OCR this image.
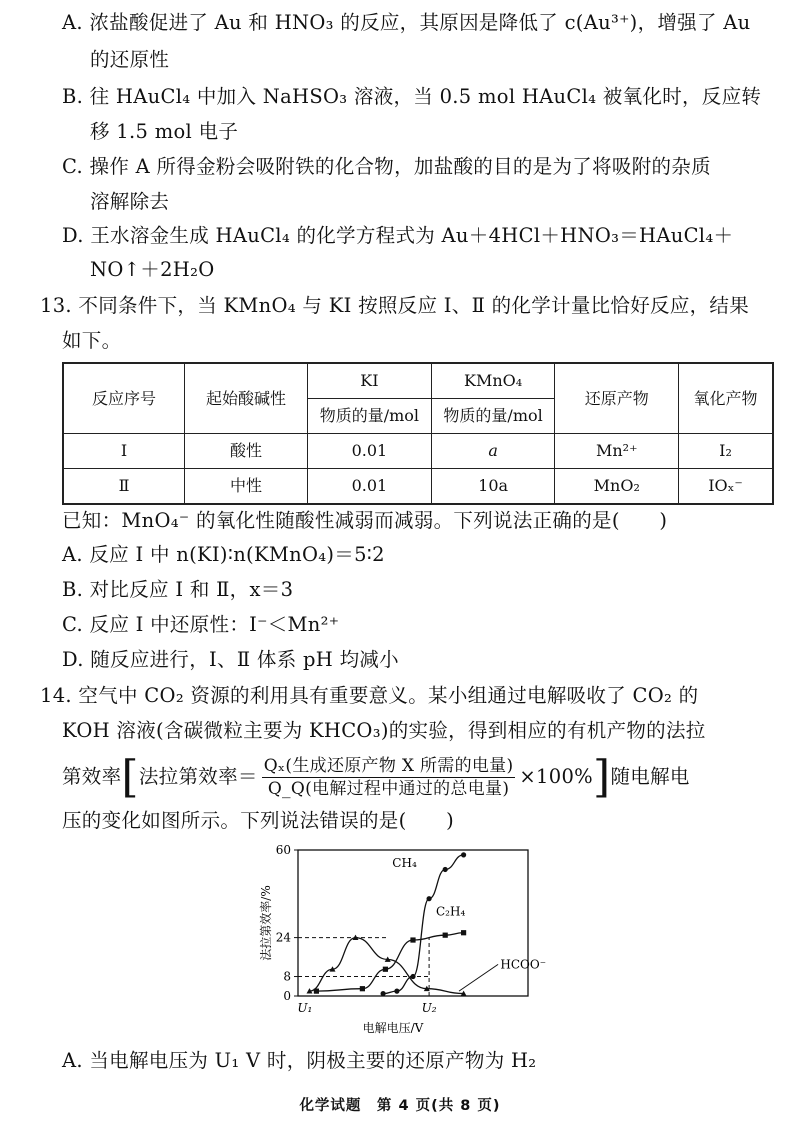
A. 浓盐酸促进了 Au 和 HNO₃ 的反应，其原因是降低了 c(Au³⁺)，增强了 Au
的还原性
B. 往 HAuCl₄ 中加入 NaHSO₃ 溶液，当 0.5 mol HAuCl₄ 被氧化时，反应转
移 1.5 mol 电子
C. 操作 A 所得金粉会吸附铁的化合物，加盐酸的目的是为了将吸附的杂质
溶解除去
D. 王水溶金生成 HAuCl₄ 的化学方程式为 Au＋4HCl＋HNO₃＝HAuCl₄＋
NO↑＋2H₂O
13. 不同条件下，当 KMnO₄ 与 KI 按照反应 Ⅰ、Ⅱ 的化学计量比恰好反应，结果
如下。
反应序号	起始酸碱性	KI	KMnO₄	还原产物	氧化产物
		物质的量/mol	物质的量/mol		
Ⅰ	酸性	0.01	a	Mn²⁺	I₂
Ⅱ	中性	0.01	10a	MnO₂	IOₓ⁻
已知：MnO₄⁻ 的氧化性随酸性减弱而减弱。下列说法正确的是(　　)
A. 反应 Ⅰ 中 n(KI)∶n(KMnO₄)＝5∶2
B. 对比反应 Ⅰ 和 Ⅱ，x＝3
C. 反应 Ⅰ 中还原性：I⁻＜Mn²⁺
D. 随反应进行，Ⅰ、Ⅱ 体系 pH 均减小
14. 空气中 CO₂ 资源的利用具有重要意义。某小组通过电解吸收了 CO₂ 的
KOH 溶液(含碳微粒主要为 KHCO₃)的实验，得到相应的有机产物的法拉
第效率[法拉第效率＝ $\frac{\text{Qₓ(生成还原产物 X 所需的电量)}}{\text{Q\_Q(电解过程中通过的总电量)}} \times 100\%$]随电解电
压的变化如图所示。下列说法错误的是(　　)
0
8
24
60
U₁	U₂
电解电压/V
法拉第效率/%
CH₄
C₂H₄
HCOO⁻
A. 当电解电压为 U₁ V 时，阴极主要的还原产物为 H₂
化学试题　第 4 页(共 8 页)
